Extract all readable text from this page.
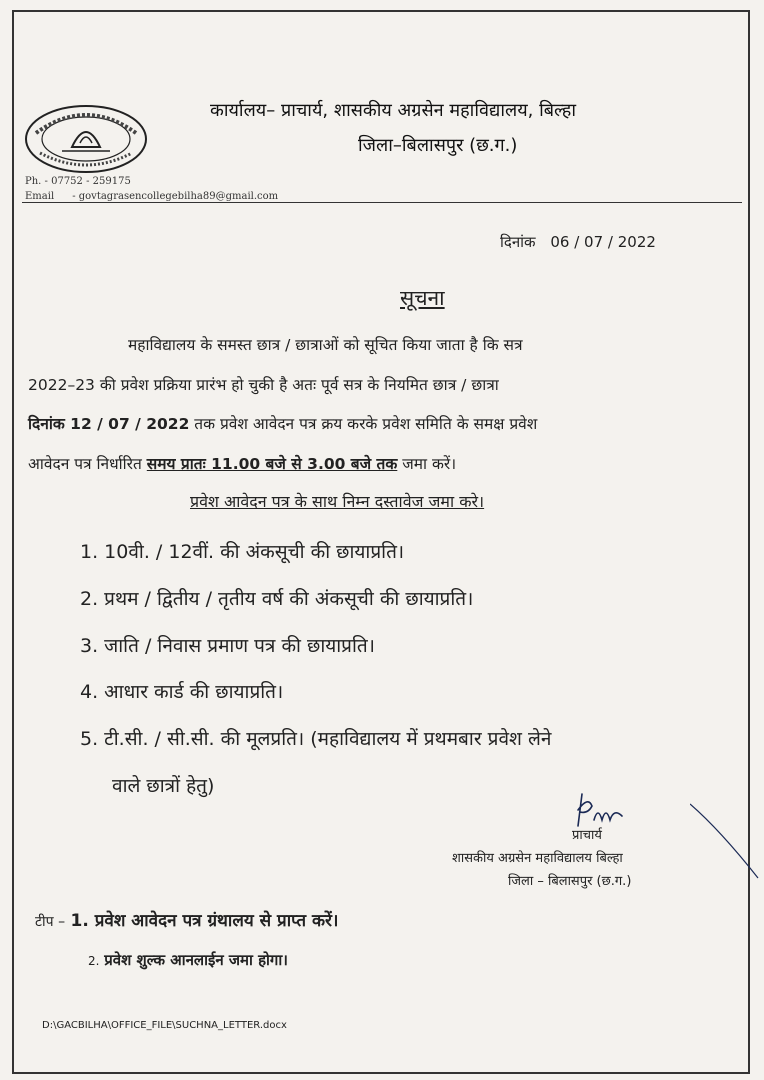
कार्यालय– प्राचार्य, शासकीय अग्रसेन महाविद्यालय, बिल्हा
जिला–बिलासपुर (छ.ग.)
Ph. - 07752 - 259175
Email - govtagrasencollegebilha89@gmail.com
दिनांक 06 / 07 / 2022
सूचना
महाविद्यालय के समस्त छात्र / छात्राओं को सूचित किया जाता है कि सत्र
2022–23 की प्रवेश प्रक्रिया प्रारंभ हो चुकी है अतः पूर्व सत्र के नियमित छात्र / छात्रा
दिनांक 12 / 07 / 2022 तक प्रवेश आवेदन पत्र क्रय करके प्रवेश समिति के समक्ष प्रवेश
आवेदन पत्र निर्धारित समय प्रातः 11.00 बजे से 3.00 बजे तक जमा करें।
प्रवेश आवेदन पत्र के साथ निम्न दस्तावेज जमा करे।
1. 10वी. / 12वीं. की अंकसूची की छायाप्रति।
2. प्रथम / द्वितीय / तृतीय वर्ष की अंकसूची की छायाप्रति।
3. जाति / निवास प्रमाण पत्र की छायाप्रति।
4. आधार कार्ड की छायाप्रति।
5. टी.सी. / सी.सी. की मूलप्रति। (महाविद्यालय में प्रथमबार प्रवेश लेने
वाले छात्रों हेतु)
प्राचार्य
शासकीय अग्रसेन महाविद्यालय बिल्हा
जिला – बिलासपुर (छ.ग.)
टीप – 1. प्रवेश आवेदन पत्र ग्रंथालय से प्राप्त करें।
2. प्रवेश शुल्क आनलाईन जमा होगा।
D:\GACBILHA\OFFICE_FILE\SUCHNA_LETTER.docx
